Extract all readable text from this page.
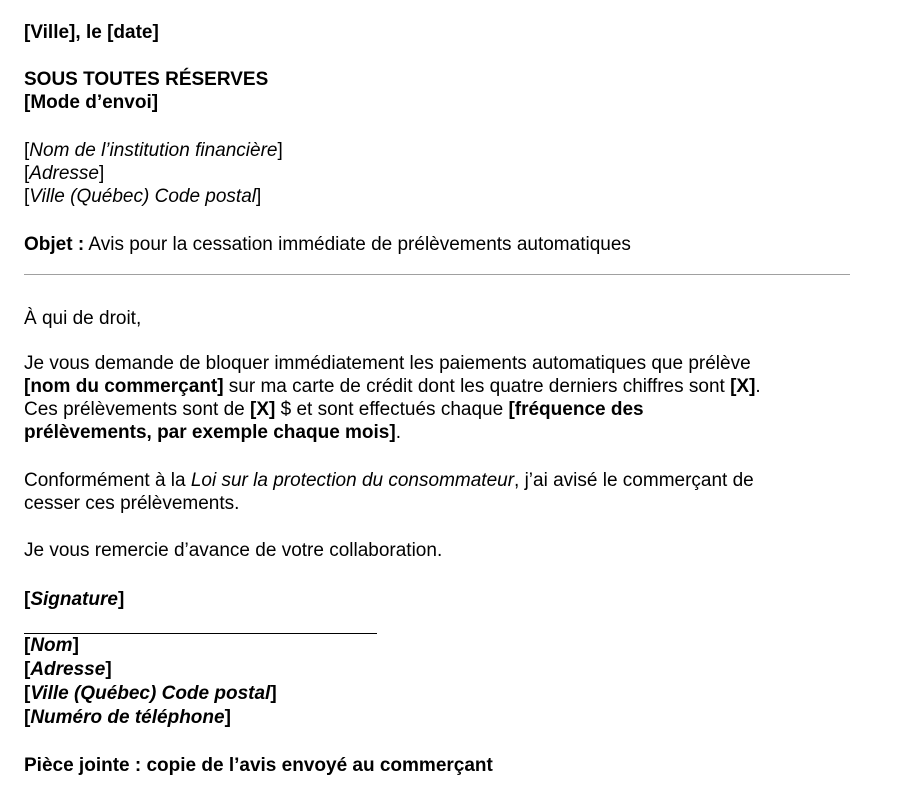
[Ville], le [date]
SOUS TOUTES RÉSERVES
[Mode d’envoi]
[Nom de l’institution financière]
[Adresse]
[Ville (Québec) Code postal]
Objet : Avis pour la cessation immédiate de prélèvements automatiques
À qui de droit,
Je vous demande de bloquer immédiatement les paiements automatiques que prélève
[nom du commerçant] sur ma carte de crédit dont les quatre derniers chiffres sont [X].
Ces prélèvements sont de [X] $ et sont effectués chaque [fréquence des
prélèvements, par exemple chaque mois].
Conformément à la Loi sur la protection du consommateur, j’ai avisé le commerçant de
cesser ces prélèvements.
Je vous remercie d’avance de votre collaboration.
[Signature]
[Nom]
[Adresse]
[Ville (Québec) Code postal]
[Numéro de téléphone]
Pièce jointe : copie de l’avis envoyé au commerçant
